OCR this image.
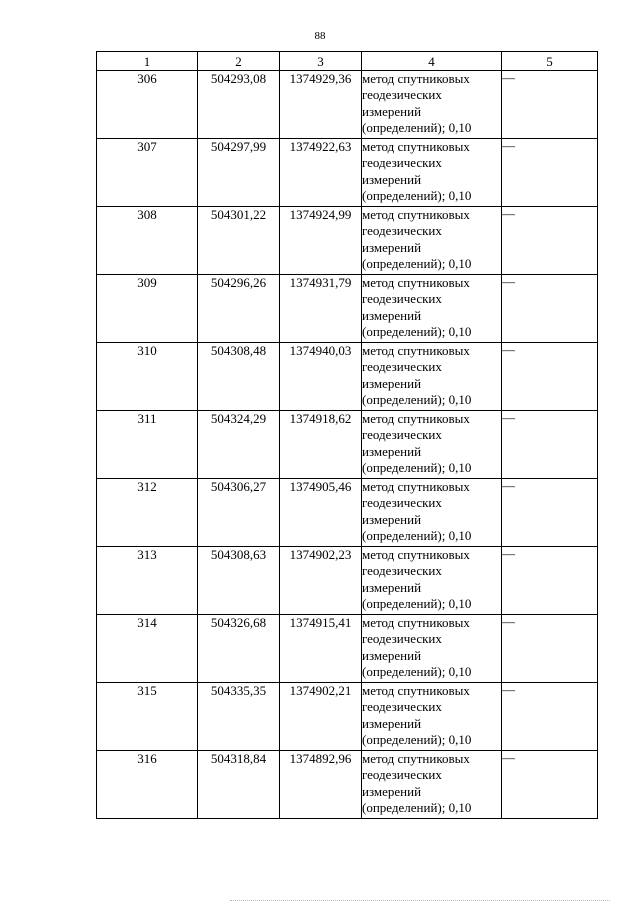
88
1	2	3	4	5
306	504293,08	1374929,36	метод спутниковых
геодезических
измерений
(определений); 0,10	—
307	504297,99	1374922,63	метод спутниковых
геодезических
измерений
(определений); 0,10	—
308	504301,22	1374924,99	метод спутниковых
геодезических
измерений
(определений); 0,10	—
309	504296,26	1374931,79	метод спутниковых
геодезических
измерений
(определений); 0,10	—
310	504308,48	1374940,03	метод спутниковых
геодезических
измерений
(определений); 0,10	—
311	504324,29	1374918,62	метод спутниковых
геодезических
измерений
(определений); 0,10	—
312	504306,27	1374905,46	метод спутниковых
геодезических
измерений
(определений); 0,10	—
313	504308,63	1374902,23	метод спутниковых
геодезических
измерений
(определений); 0,10	—
314	504326,68	1374915,41	метод спутниковых
геодезических
измерений
(определений); 0,10	—
315	504335,35	1374902,21	метод спутниковых
геодезических
измерений
(определений); 0,10	—
316	504318,84	1374892,96	метод спутниковых
геодезических
измерений
(определений); 0,10	—
